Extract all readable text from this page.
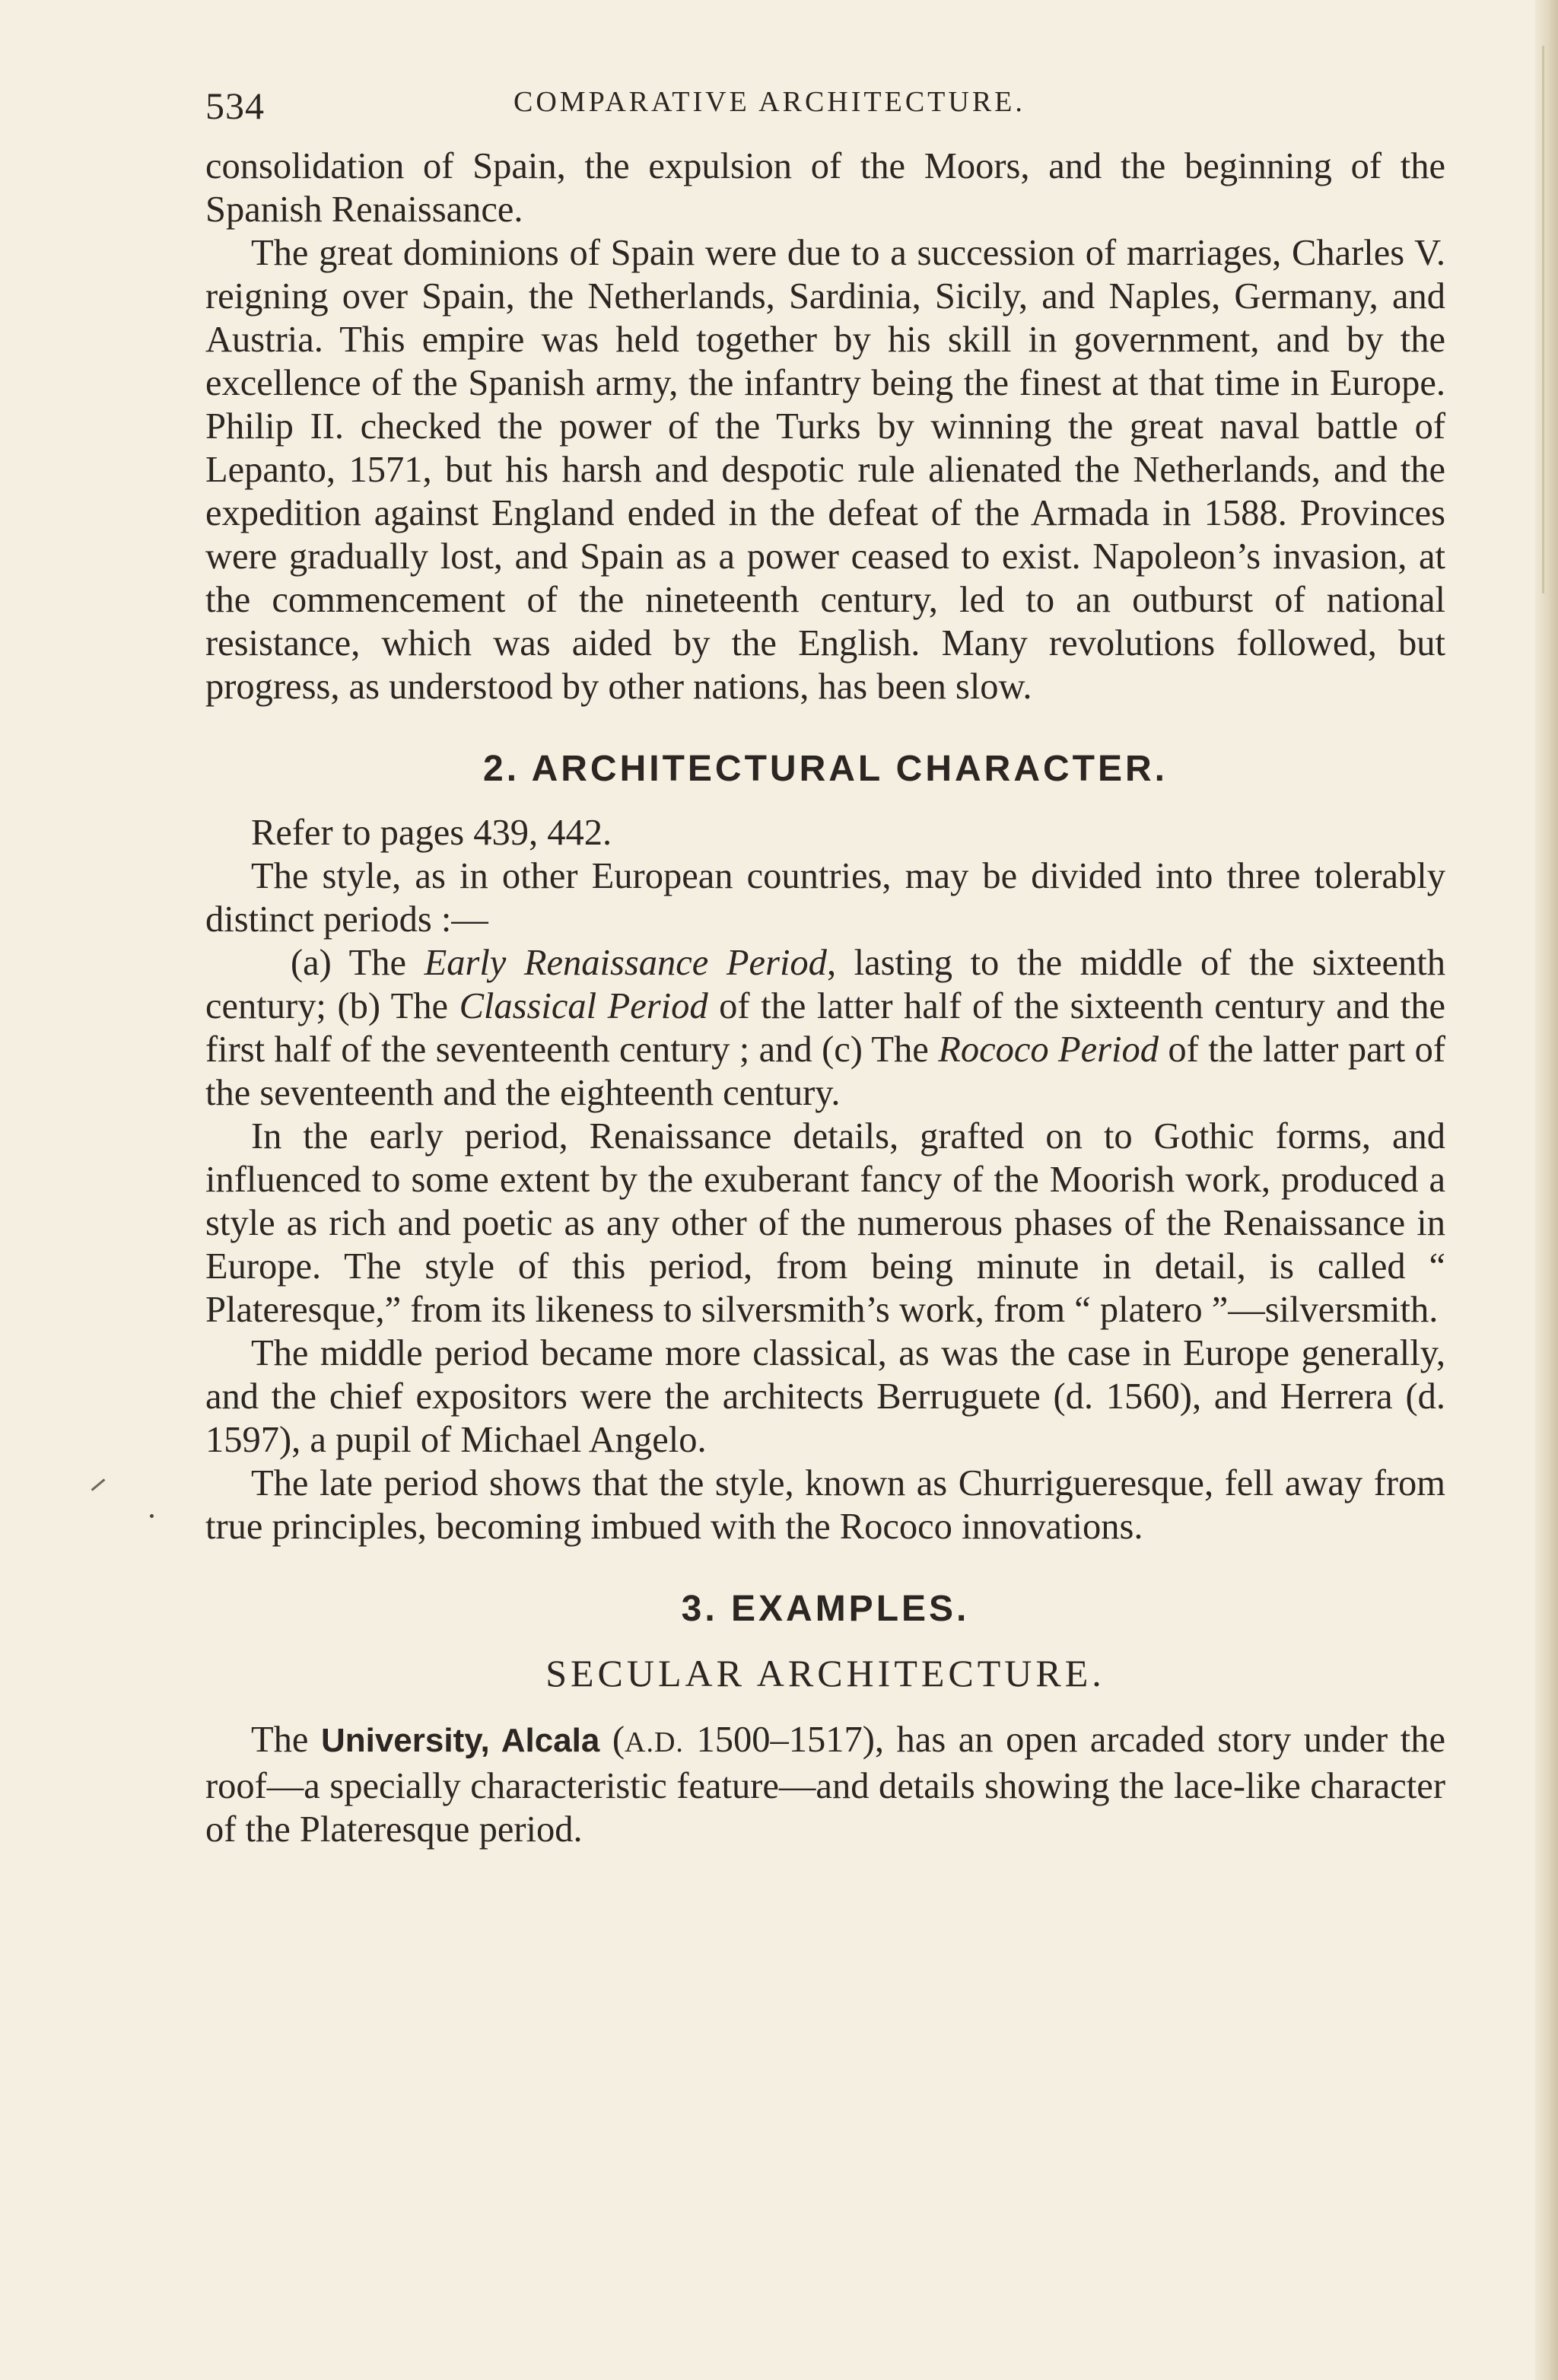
534	COMPARATIVE ARCHITECTURE.

consolidation of Spain, the expulsion of the Moors, and the beginning of the Spanish Renaissance.

The great dominions of Spain were due to a succession of marriages, Charles V. reigning over Spain, the Netherlands, Sardinia, Sicily, and Naples, Germany, and Austria. This empire was held together by his skill in government, and by the excellence of the Spanish army, the infantry being the finest at that time in Europe. Philip II. checked the power of the Turks by winning the great naval battle of Lepanto, 1571, but his harsh and despotic rule alienated the Netherlands, and the expedition against England ended in the defeat of the Armada in 1588. Provinces were gradually lost, and Spain as a power ceased to exist. Napoleon’s invasion, at the commencement of the nineteenth century, led to an outburst of national resistance, which was aided by the English. Many revolutions followed, but progress, as understood by other nations, has been slow.

2. ARCHITECTURAL CHARACTER.

Refer to pages 439, 442.

The style, as in other European countries, may be divided into three tolerably distinct periods :—

(a) The Early Renaissance Period, lasting to the middle of the sixteenth century; (b) The Classical Period of the latter half of the sixteenth century and the first half of the seventeenth century ; and (c) The Rococo Period of the latter part of the seventeenth and the eighteenth century.

In the early period, Renaissance details, grafted on to Gothic forms, and influenced to some extent by the exuberant fancy of the Moorish work, produced a style as rich and poetic as any other of the numerous phases of the Renaissance in Europe. The style of this period, from being minute in detail, is called “ Plateresque,” from its likeness to silversmith’s work, from “ platero ”—silversmith.

The middle period became more classical, as was the case in Europe generally, and the chief expositors were the architects Berruguete (d. 1560), and Herrera (d. 1597), a pupil of Michael Angelo.

The late period shows that the style, known as Churrigueresque, fell away from true principles, becoming imbued with the Rococo innovations.

3. EXAMPLES.
SECULAR ARCHITECTURE.

The University, Alcala (A.D. 1500–1517), has an open arcaded story under the roof—a specially characteristic feature—and details showing the lace-like character of the Plateresque period.
